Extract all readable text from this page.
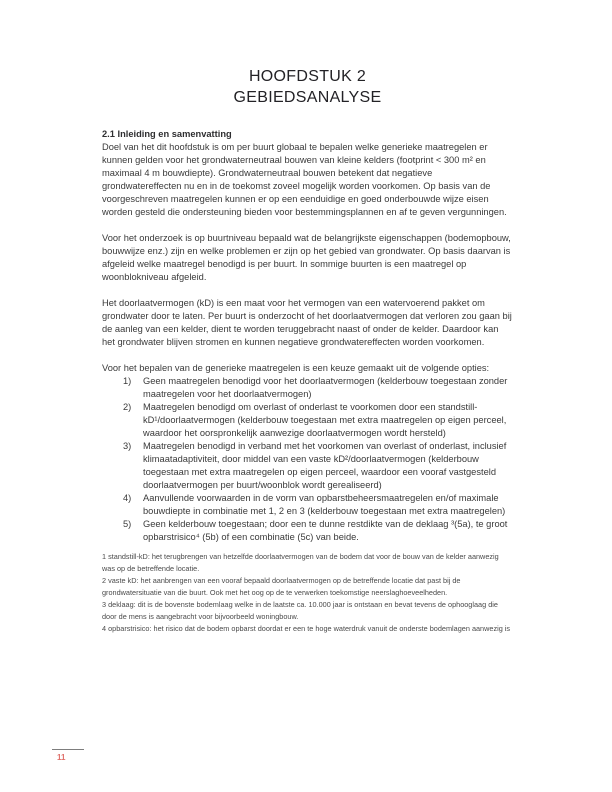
HOOFDSTUK 2
GEBIEDSANALYSE
2.1 Inleiding en samenvatting

Doel van het dit hoofdstuk is om per buurt globaal te bepalen welke generieke maatregelen er kunnen gelden voor het grondwaterneutraal bouwen van kleine kelders (footprint < 300 m² en maximaal 4 m bouwdiepte). Grondwaterneutraal bouwen betekent dat negatieve grondwatereffecten nu en in de toekomst zoveel mogelijk worden voorkomen. Op basis van de voorgeschreven maatregelen kunnen er op een eenduidige en goed onderbouwde wijze eisen worden gesteld die ondersteuning bieden voor bestemmingsplannen en af te geven vergunningen.

Voor het onderzoek is op buurtniveau bepaald wat de belangrijkste eigenschappen (bodemopbouw, bouwwijze enz.) zijn en welke problemen er zijn op het gebied van grondwater. Op basis daarvan is afgeleid welke maatregel benodigd is per buurt. In sommige buurten is een maatregel op woonblokniveau afgeleid.

Het doorlaatvermogen (kD) is een maat voor het vermogen van een watervoerend pakket om grondwater door te laten. Per buurt is onderzocht of het doorlaatvermogen dat verloren zou gaan bij de aanleg van een kelder, dient te worden teruggebracht naast of onder de kelder. Daardoor kan het grondwater blijven stromen en kunnen negatieve grondwatereffecten worden voorkomen.

Voor het bepalen van de generieke maatregelen is een keuze gemaakt uit de volgende opties:
1)	Geen maatregelen benodigd voor het doorlaatvermogen (kelderbouw toegestaan zonder maatregelen voor het doorlaatvermogen)
2)	Maatregelen benodigd om overlast of onderlast te voorkomen door een standstill-kD¹/doorlaatvermogen (kelderbouw toegestaan met extra maatregelen op eigen perceel, waardoor het oorspronkelijk aanwezige doorlaatvermogen wordt hersteld)
3)	Maatregelen benodigd in verband met het voorkomen van overlast of onderlast, inclusief klimaatadaptiviteit, door middel van een vaste kD²/doorlaatvermogen (kelderbouw toegestaan met extra maatregelen op eigen perceel, waardoor een vooraf vastgesteld doorlaatvermogen per buurt/woonblok wordt gerealiseerd)
4)	Aanvullende voorwaarden in de vorm van opbarstbeheersmaatregelen en/of maximale bouwdiepte in combinatie met 1, 2 en 3 (kelderbouw toegestaan met extra maatregelen)
5)	Geen kelderbouw toegestaan; door een te dunne restdikte van de deklaag ³(5a), te groot opbarstrisico⁴ (5b) of een combinatie (5c) van beide.
1 standstill-kD: het terugbrengen van hetzelfde doorlaatvermogen van de bodem dat voor de bouw van de kelder aanwezig was op de betreffende locatie.
2 vaste kD: het aanbrengen van een vooraf bepaald doorlaatvermogen op de betreffende locatie dat past bij de grondwatersituatie van die buurt. Ook met het oog op de te verwerken toekomstige neerslaghoeveelheden.
3 deklaag: dit is de bovenste bodemlaag welke in de laatste ca. 10.000 jaar is ontstaan en bevat tevens de ophooglaag die door de mens is aangebracht voor bijvoorbeeld woningbouw.
4 opbarstrisico: het risico dat de bodem opbarst doordat er een te hoge waterdruk vanuit de onderste bodemlagen aanwezig is
11
